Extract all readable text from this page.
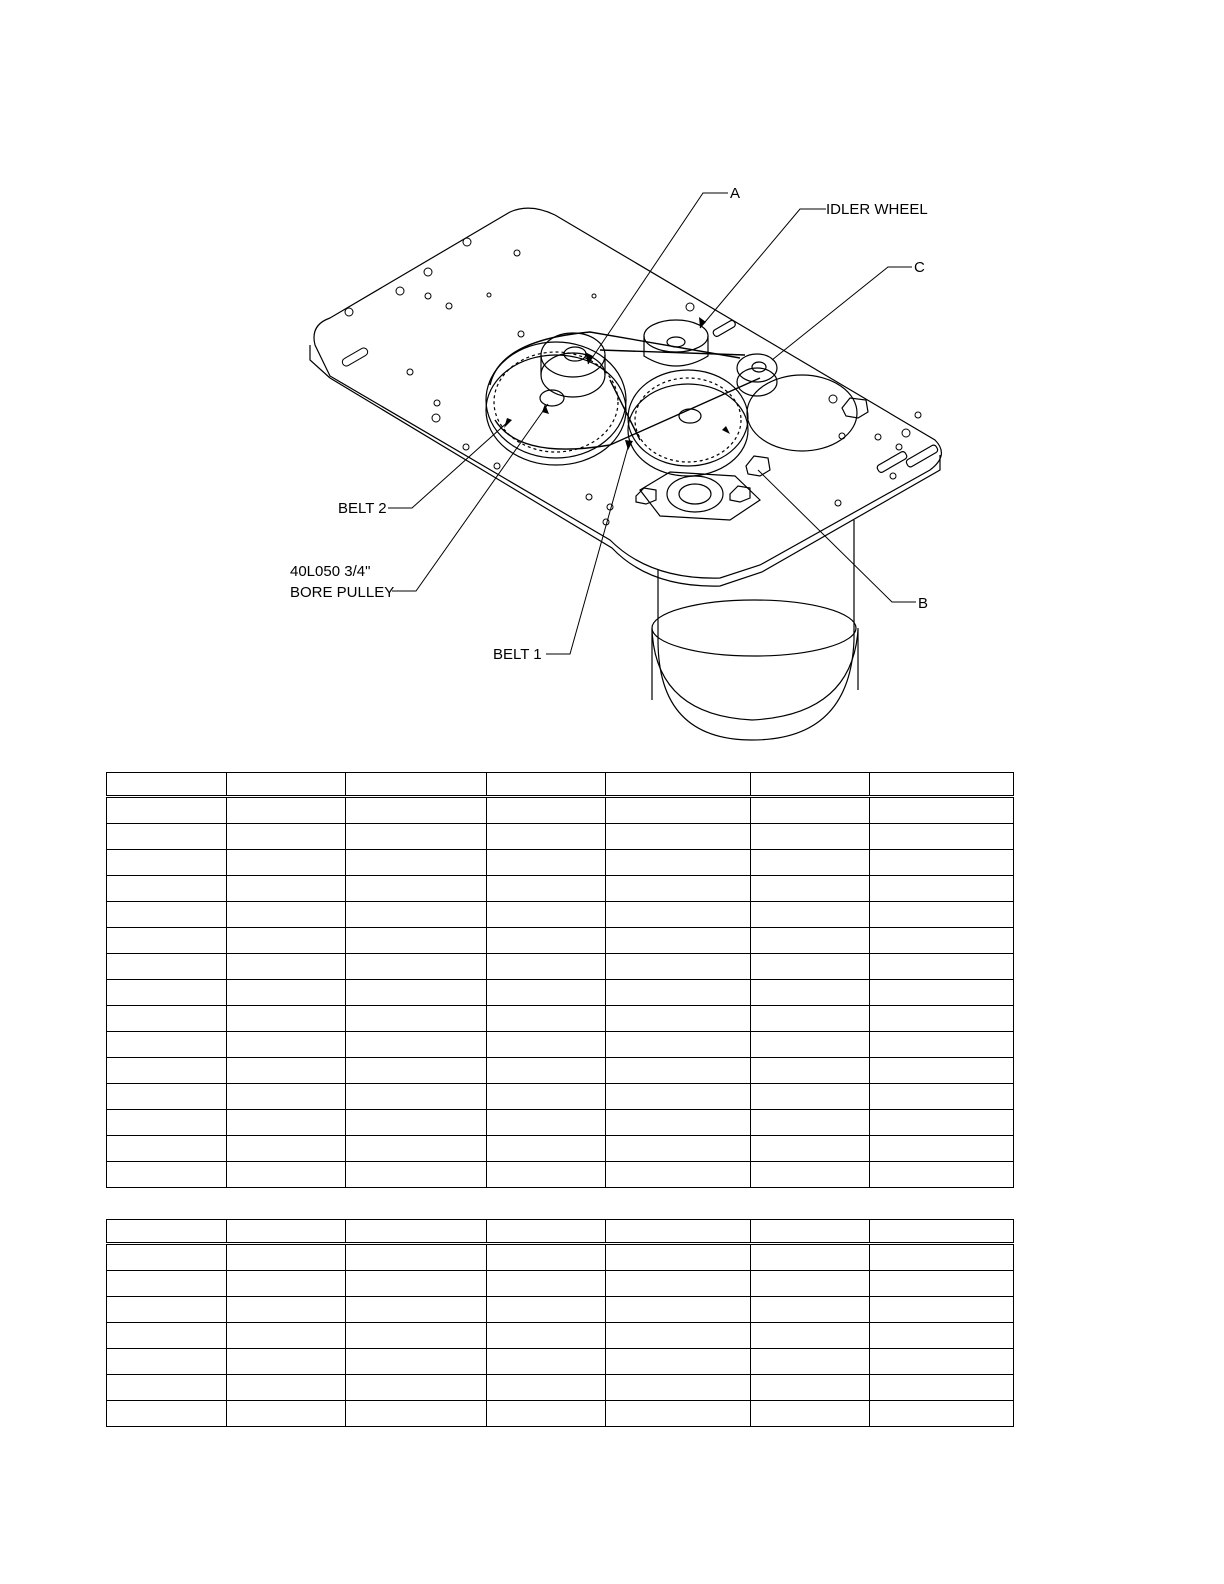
A
IDLER WHEEL
C
BELT 2
40L050 3/4"
BORE PULLEY
BELT 1
B
